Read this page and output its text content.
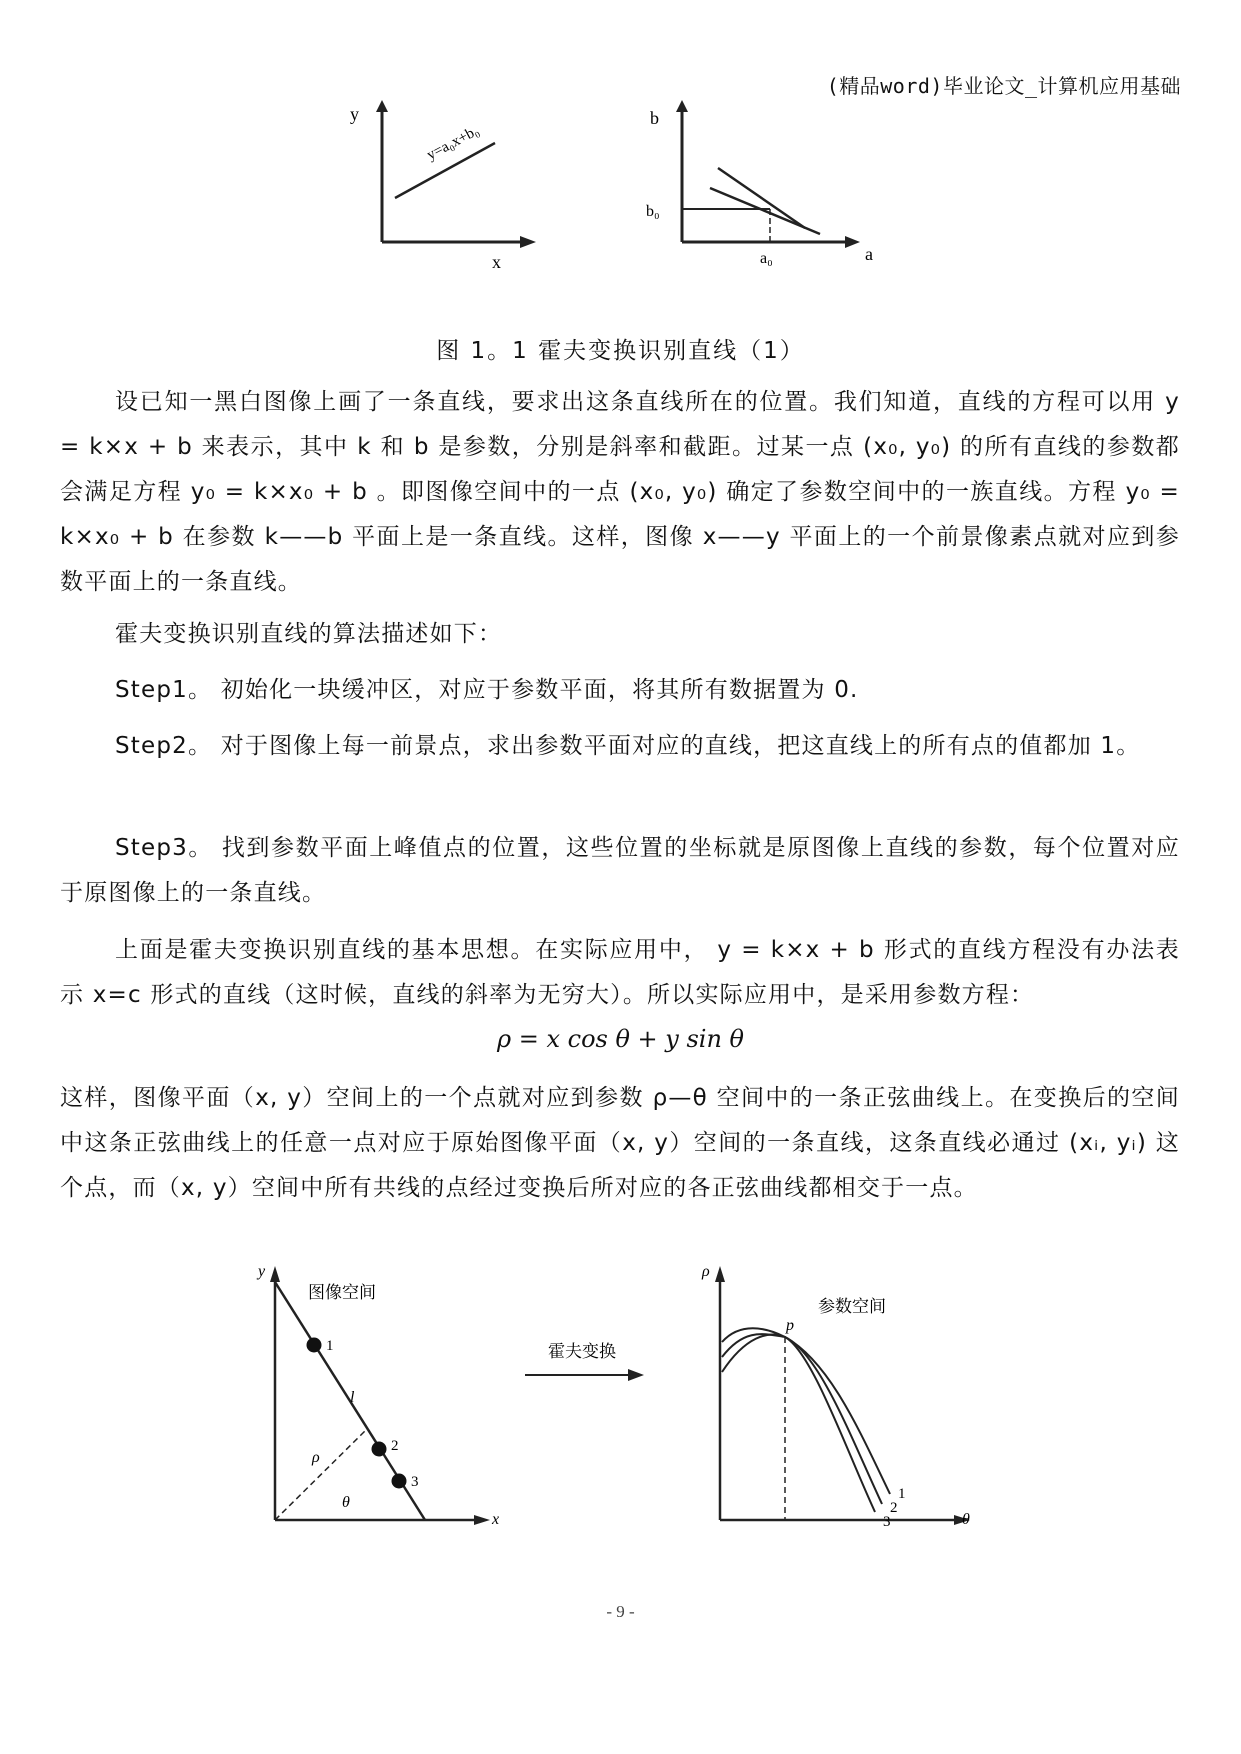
(精品word)毕业论文_计算机应用基础
y
x
y=a₀x+b₀
b
b₀
a₀	a
图 1。1 霍夫变换识别直线（1）
设已知一黑白图像上画了一条直线，要求出这条直线所在的位置。我们知道，直线的方程可以用 y = k×x + b 来表示，其中 k 和 b 是参数，分别是斜率和截距。过某一点 (x₀, y₀) 的所有直线的参数都会满足方程 y₀ = k×x₀ + b 。即图像空间中的一点 (x₀, y₀) 确定了参数空间中的一族直线。方程 y₀ = k×x₀ + b 在参数 k——b 平面上是一条直线。这样，图像 x——y 平面上的一个前景像素点就对应到参数平面上的一条直线。
霍夫变换识别直线的算法描述如下：
Step1。 初始化一块缓冲区，对应于参数平面，将其所有数据置为 0.
Step2。 对于图像上每一前景点，求出参数平面对应的直线，把这直线上的所有点的值都加 1。
Step3。 找到参数平面上峰值点的位置，这些位置的坐标就是原图像上直线的参数，每个位置对应于原图像上的一条直线。
上面是霍夫变换识别直线的基本思想。在实际应用中， y = k×x + b 形式的直线方程没有办法表示 x=c 形式的直线（这时候，直线的斜率为无穷大）。所以实际应用中，是采用参数方程：
ρ = x cos θ + y sin θ
这样，图像平面（x, y）空间上的一个点就对应到参数 ρ—θ 空间中的一条正弦曲线上。在变换后的空间中这条正弦曲线上的任意一点对应于原始图像平面（x, y）空间的一条直线，这条直线必通过 (xᵢ, yᵢ) 这个点，而（x, y）空间中所有共线的点经过变换后所对应的各正弦曲线都相交于一点。
y
图像空间
1
l
2
3
ρ
θ
x
霍夫变换
ρ
参数空间
p
1
2
3	θ
- 9 -
